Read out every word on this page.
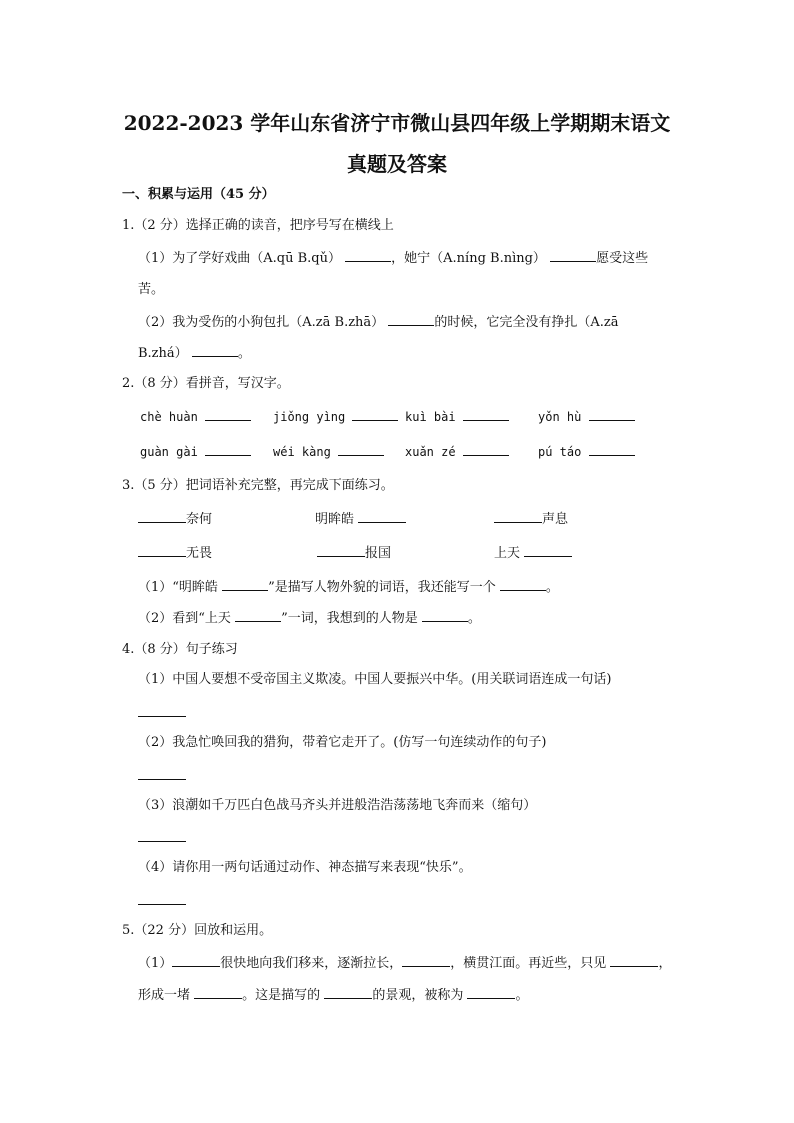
2022-2023 学年山东省济宁市微山县四年级上学期期末语文
真题及答案
一、积累与运用（45 分）
1.（2 分）选择正确的读音，把序号写在横线上
（1）为了学好戏曲（A.qū B.qǔ）	，她宁（A.níng B.nìng）	愿受这些
苦。
（2）我为受伤的小狗包扎（A.zā B.zhā）	的时候，它完全没有挣扎（A.zā
B.zhá）	。
2.（8 分）看拼音，写汉字。
chè huàn	jiǒng yìng	kuì bài	yǒn hù
guàn gài	wéi kàng	xuǎn zé	pú táo
3.（5 分）把词语补充完整，再完成下面练习。
奈何	明眸皓	声息
无畏	报国	上天
（1）“明眸皓	”是描写人物外貌的词语，我还能写一个	。
（2）看到“上天	”一词，我想到的人物是	。
4.（8 分）句子练习
（1）中国人要想不受帝国主义欺凌。中国人要振兴中华。(用关联词语连成一句话)
（2）我急忙唤回我的猎狗，带着它走开了。(仿写一句连续动作的句子)
（3）浪潮如千万匹白色战马齐头并进般浩浩荡荡地飞奔而来（缩句）
（4）请你用一两句话通过动作、神态描写来表现“快乐”。
5.（22 分）回放和运用。
（1）	很快地向我们移来，逐渐拉长，	，横贯江面。再近些，只见	，
形成一堵	。这是描写的	的景观，被称为	。
